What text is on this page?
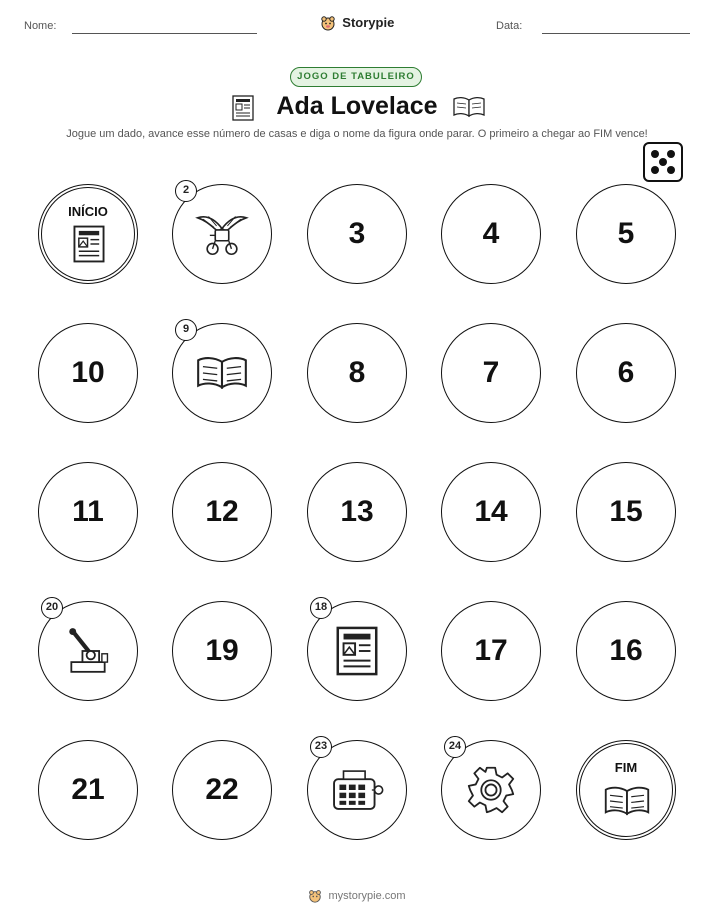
Nome:	Storypie	Data:
JOGO DE TABULEIRO
Ada Lovelace
Jogue um dado, avance esse número de casas e diga o nome da figura onde parar. O primeiro a chegar ao FIM vence!
INÍCIO
2
3	4	5
6
7
8
9
10
11	12	13	14	15
16
17
18
19
20
21	22
23	24
FIM
mystorypie.com
